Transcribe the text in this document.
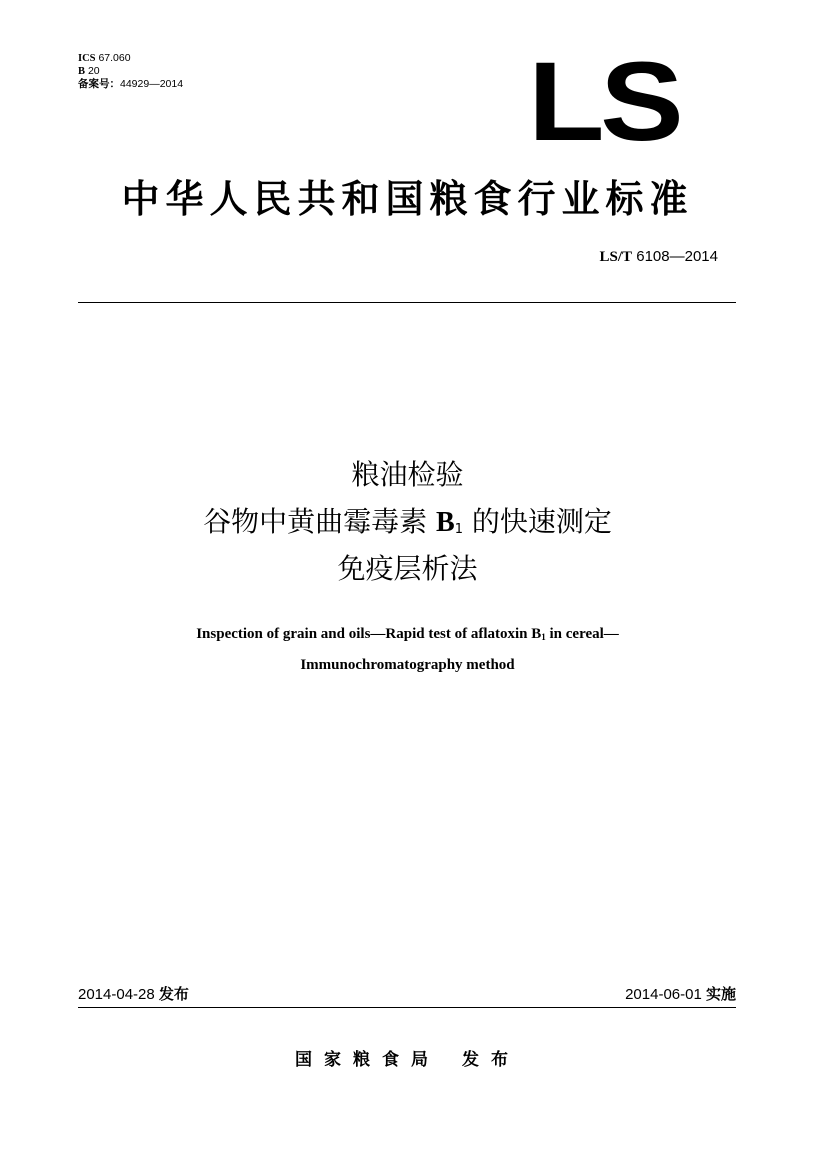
ICS 67.060
B 20
备案号：44929—2014	LS
中华人民共和国粮食行业标准
LS/T 6108—2014
粮油检验
谷物中黄曲霉毒素 B1 的快速测定
免疫层析法
Inspection of grain and oils—Rapid test of aflatoxin B1 in cereal—
Immunochromatography method
2014-04-28 发布	2014-06-01 实施
国家粮食局 发布
